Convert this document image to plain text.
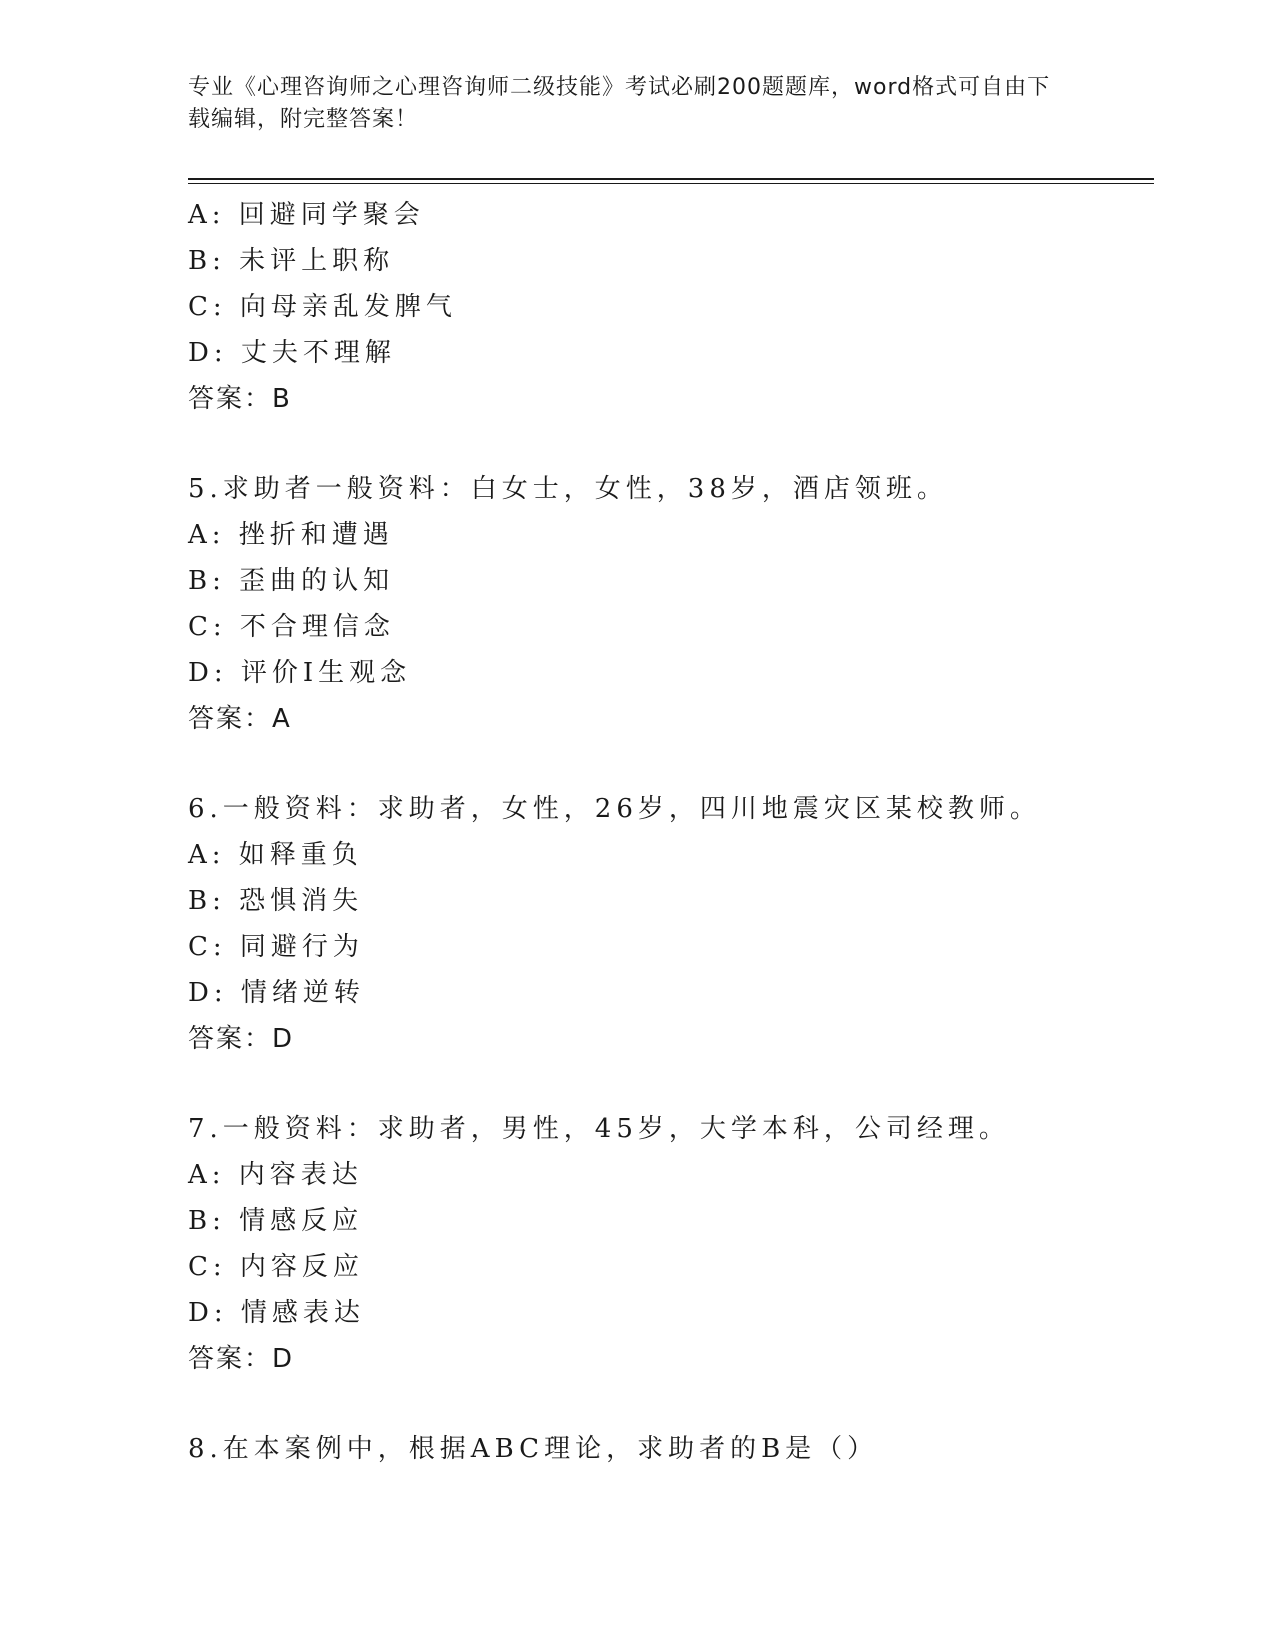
专业《心理咨询师之心理咨询师二级技能》考试必刷200题题库，word格式可自由下载编辑，附完整答案！
A: 回避同学聚会
B: 未评上职称
C: 向母亲乱发脾气
D: 丈夫不理解
答案：B
5.求助者一般资料：白女士，女性，38岁，酒店领班。
A: 挫折和遭遇
B: 歪曲的认知
C: 不合理信念
D: 评价I生观念
答案：A
6.一般资料：求助者，女性，26岁，四川地震灾区某校教师。
A: 如释重负
B: 恐惧消失
C: 同避行为
D: 情绪逆转
答案：D
7.一般资料：求助者，男性，45岁，大学本科，公司经理。
A: 内容表达
B: 情感反应
C: 内容反应
D: 情感表达
答案：D
8.在本案例中，根据ABC理论，求助者的B是（）
